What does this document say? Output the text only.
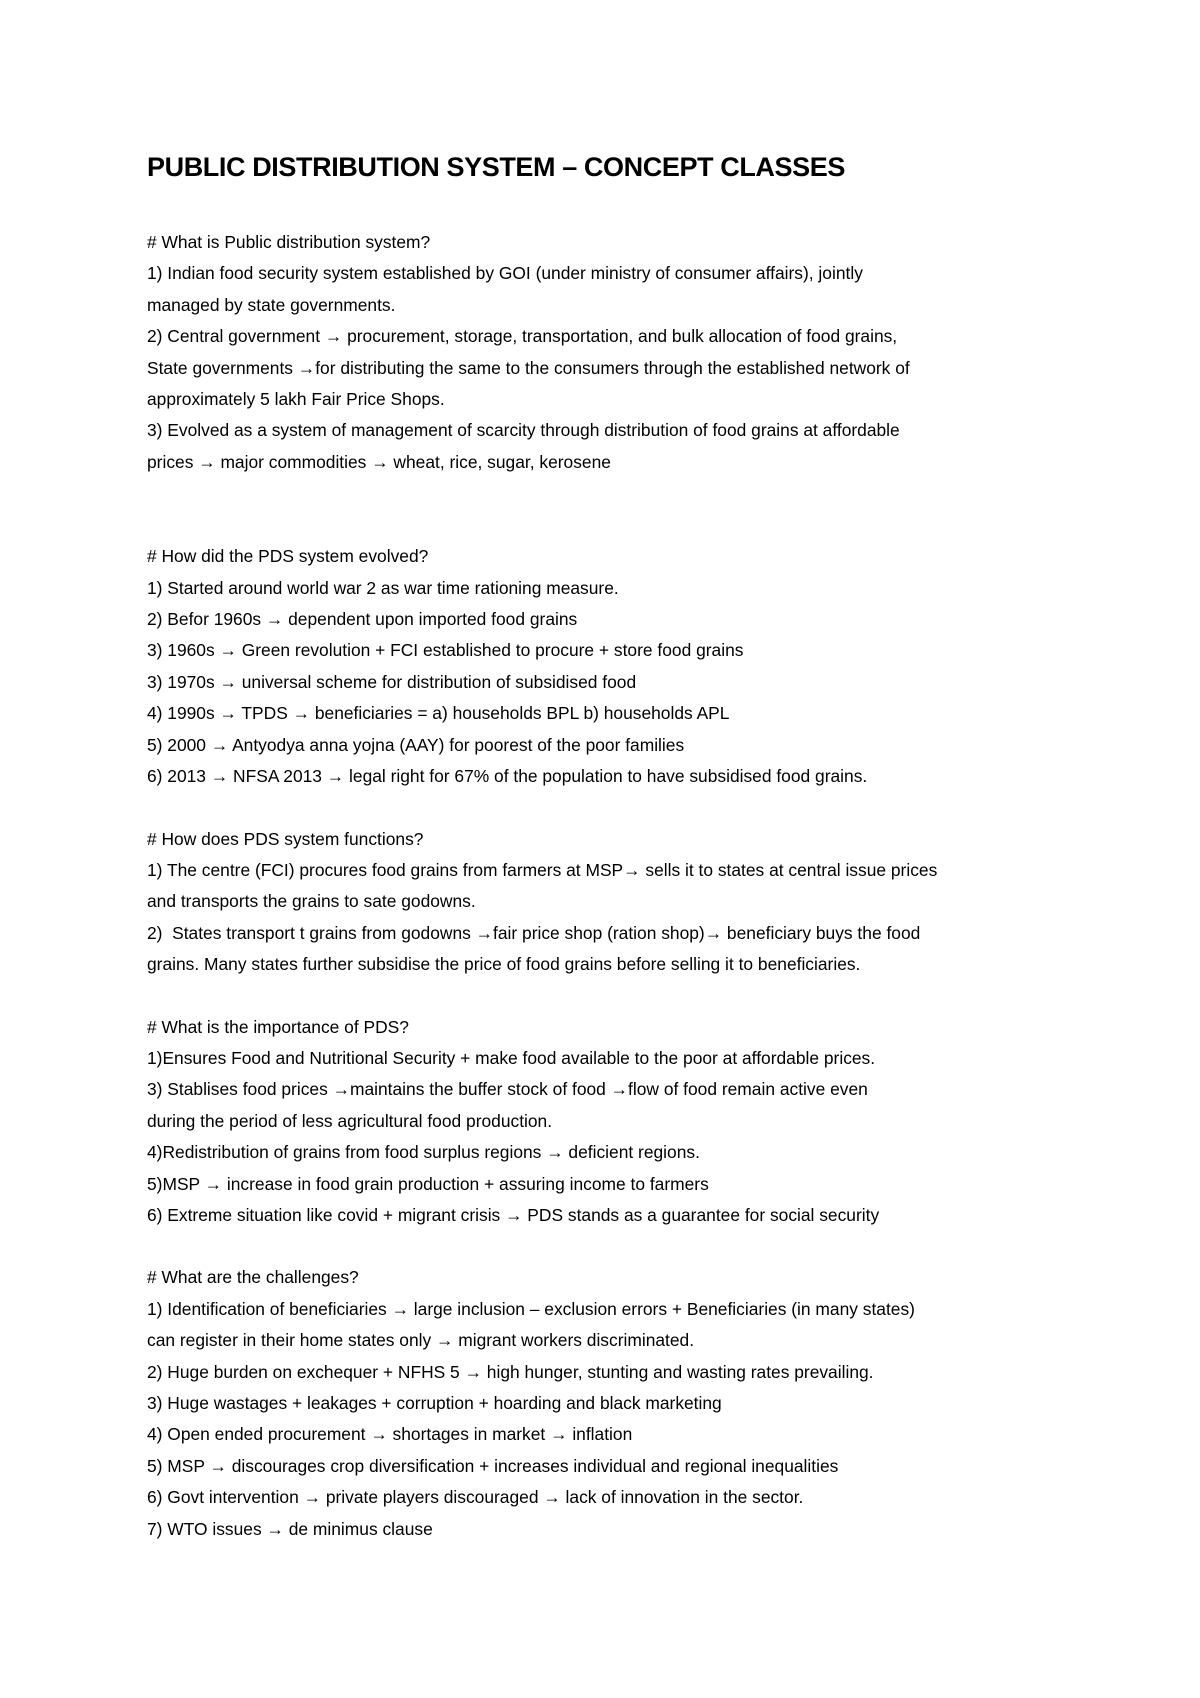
PUBLIC DISTRIBUTION SYSTEM – CONCEPT CLASSES

# What is Public distribution system?

1) Indian food security system established by GOI (under ministry of consumer affairs), jointly

managed by state governments.

2) Central government → procurement, storage, transportation, and bulk allocation of food grains,

State governments →for distributing the same to the consumers through the established network of

approximately 5 lakh Fair Price Shops.

3) Evolved as a system of management of scarcity through distribution of food grains at affordable

prices → major commodities → wheat, rice, sugar, kerosene

# How did the PDS system evolved?

1) Started around world war 2 as war time rationing measure.

2) Befor 1960s → dependent upon imported food grains

3) 1960s → Green revolution + FCI established to procure + store food grains

3) 1970s → universal scheme for distribution of subsidised food

4) 1990s → TPDS → beneficiaries = a) households BPL b) households APL

5) 2000 → Antyodya anna yojna (AAY) for poorest of the poor families

6) 2013 → NFSA 2013 → legal right for 67% of the population to have subsidised food grains.

# How does PDS system functions?

1) The centre (FCI) procures food grains from farmers at MSP→ sells it to states at central issue prices

and transports the grains to sate godowns.

2)  States transport t grains from godowns →fair price shop (ration shop)→ beneficiary buys the food

grains. Many states further subsidise the price of food grains before selling it to beneficiaries.

# What is the importance of PDS?

1)Ensures Food and Nutritional Security + make food available to the poor at affordable prices.

3) Stablises food prices →maintains the buffer stock of food →flow of food remain active even

during the period of less agricultural food production.

4)Redistribution of grains from food surplus regions → deficient regions.

5)MSP → increase in food grain production + assuring income to farmers

6) Extreme situation like covid + migrant crisis → PDS stands as a guarantee for social security

# What are the challenges?

1) Identification of beneficiaries → large inclusion – exclusion errors + Beneficiaries (in many states)

can register in their home states only → migrant workers discriminated.

2) Huge burden on exchequer + NFHS 5 → high hunger, stunting and wasting rates prevailing.

3) Huge wastages + leakages + corruption + hoarding and black marketing

4) Open ended procurement → shortages in market → inflation

5) MSP → discourages crop diversification + increases individual and regional inequalities

6) Govt intervention → private players discouraged → lack of innovation in the sector.

7) WTO issues → de minimus clause
